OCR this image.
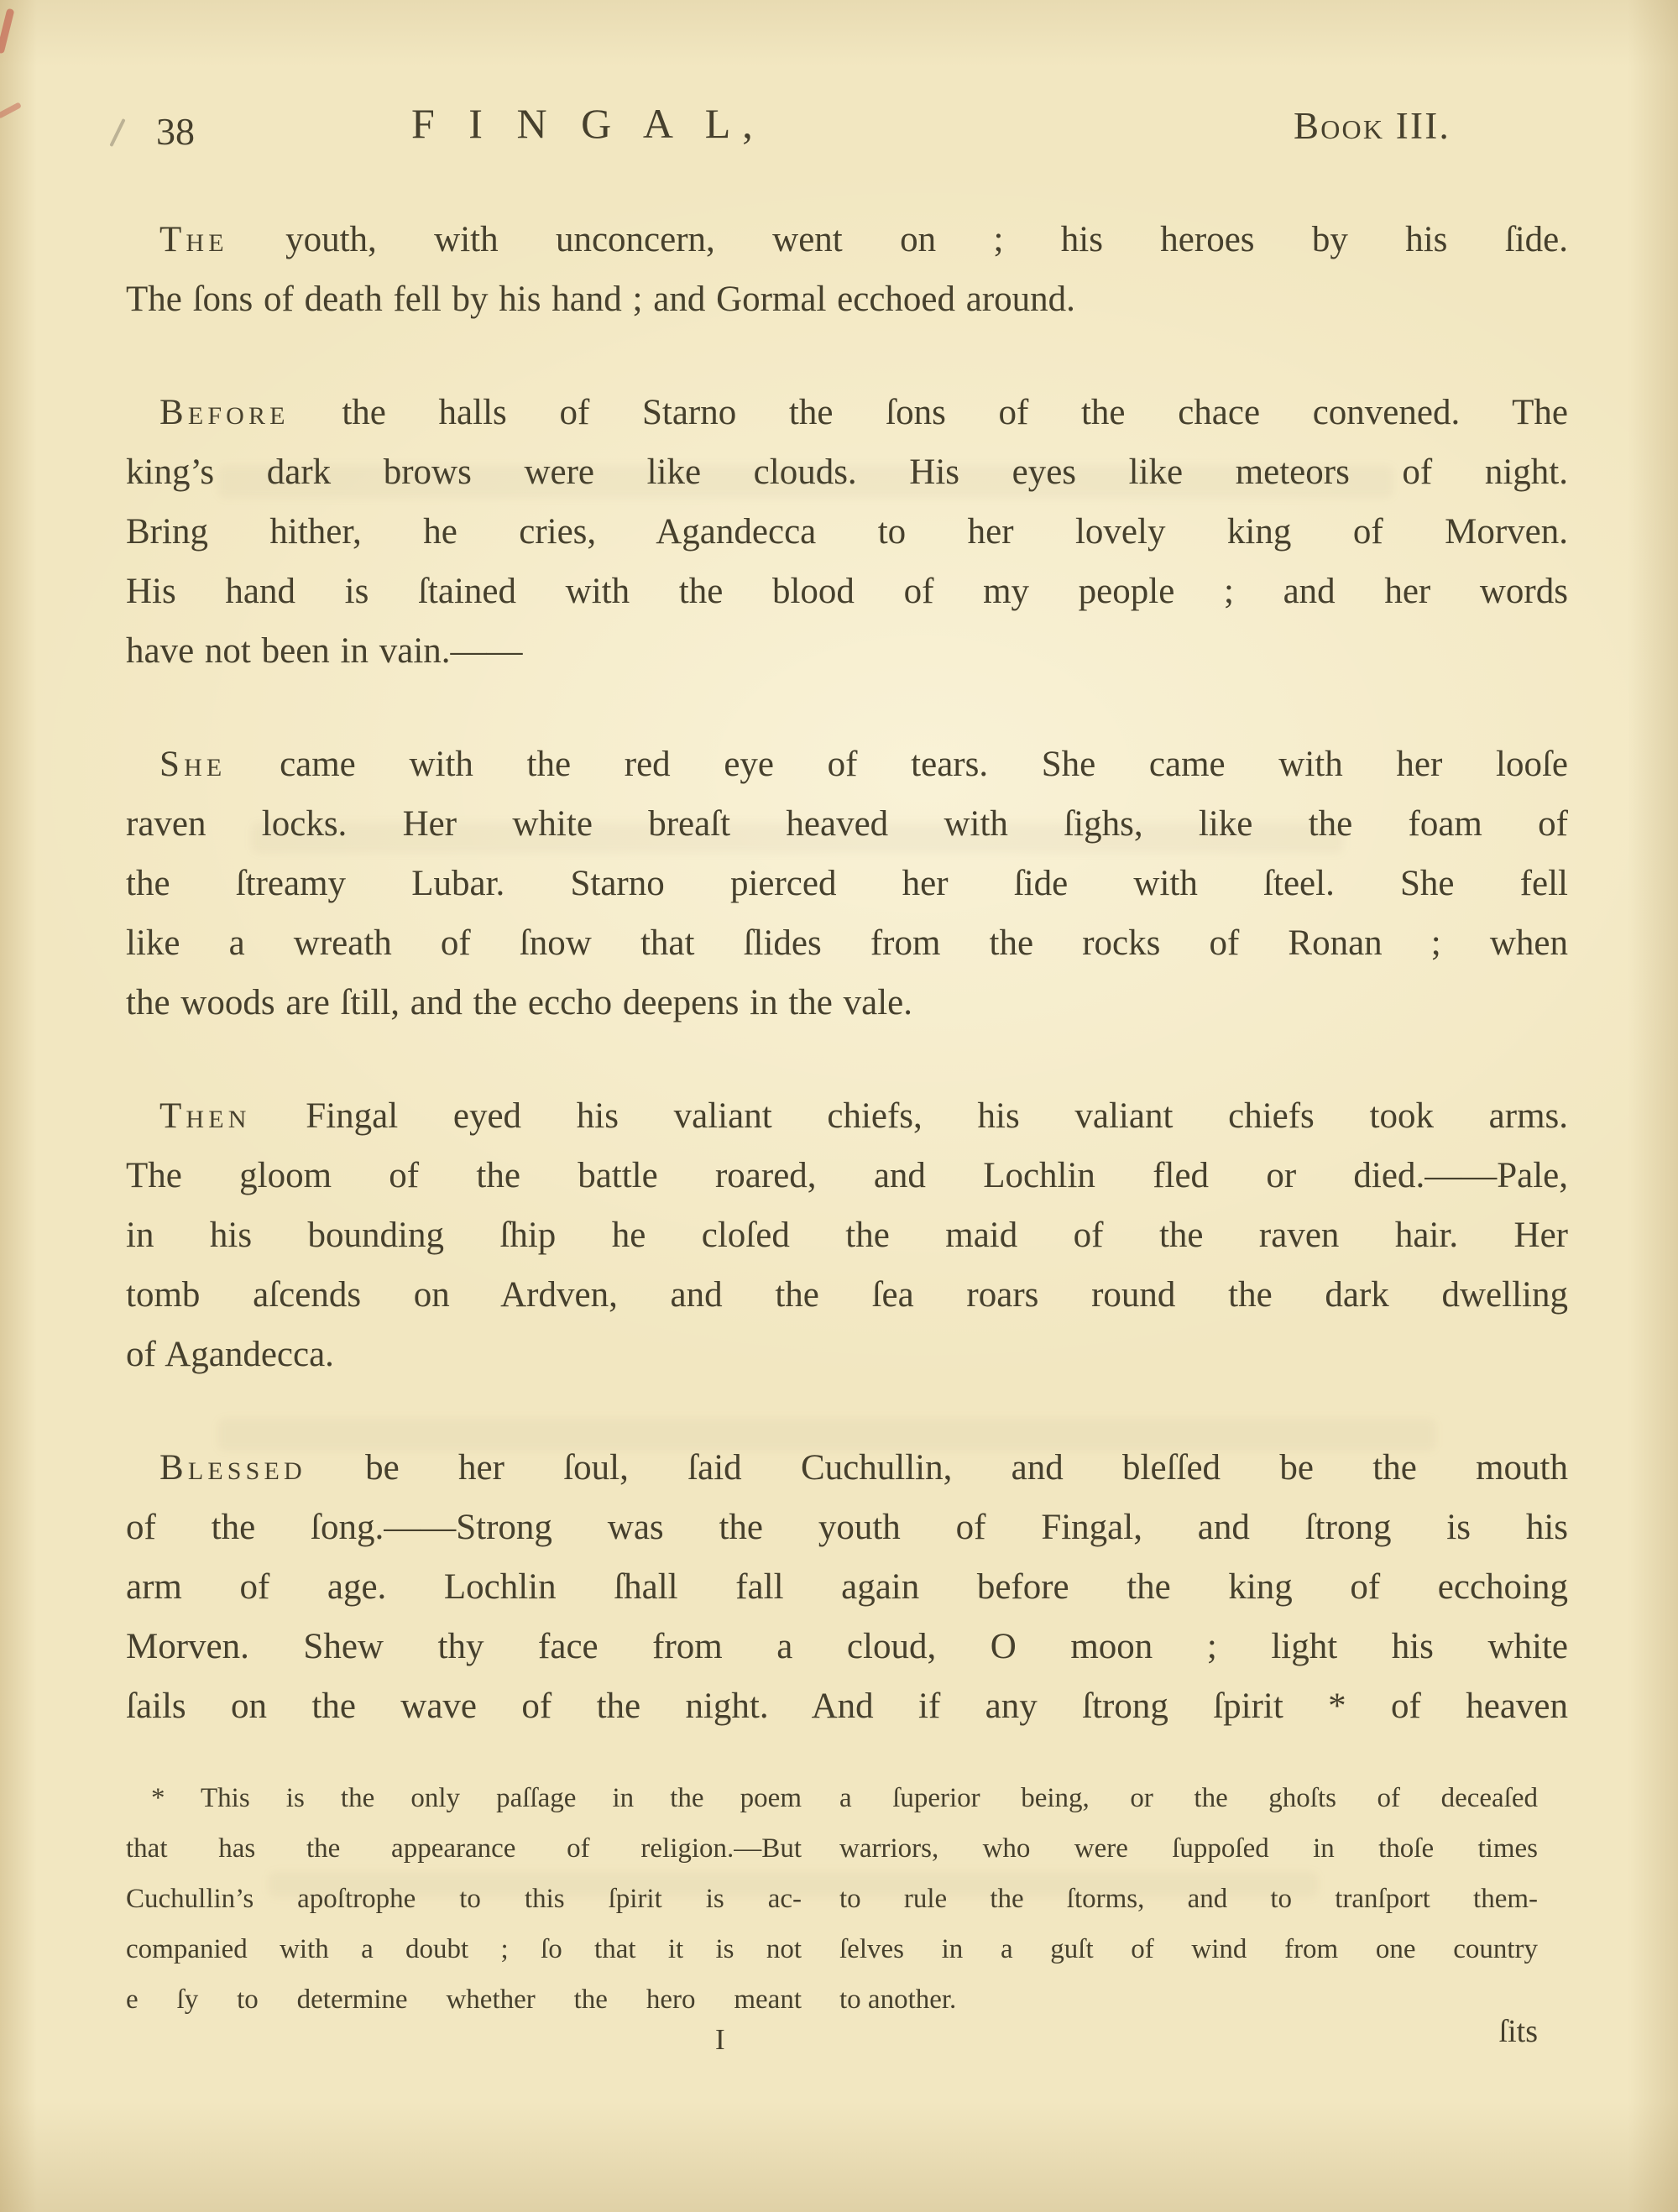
38	F I N G A L,	Book III.

The youth, with unconcern, went on ; his heroes by his ſide.
The ſons of death fell by his hand ; and Gormal ecchoed around.

Before the halls of Starno the ſons of the chace convened. The
king’s dark brows were like clouds. His eyes like meteors of night.
Bring hither, he cries, Agandecca to her lovely king of Morven.
His hand is ſtained with the blood of my people ; and her words
have not been in vain.——

She came with the red eye of tears. She came with her looſe
raven locks. Her white breaſt heaved with ſighs, like the foam of
the ſtreamy Lubar. Starno pierced her ſide with ſteel. She fell
like a wreath of ſnow that ſlides from the rocks of Ronan ; when
the woods are ſtill, and the eccho deepens in the vale.

Then Fingal eyed his valiant chiefs, his valiant chiefs took arms.
The gloom of the battle roared, and Lochlin fled or died.——Pale,
in his bounding ſhip he cloſed the maid of the raven hair. Her
tomb aſcends on Ardven, and the ſea roars round the dark dwelling
of Agandecca.

Blessed be her ſoul, ſaid Cuchullin, and bleſſed be the mouth
of the ſong.——Strong was the youth of Fingal, and ſtrong is his
arm of age. Lochlin ſhall fall again before the king of ecchoing
Morven. Shew thy face from a cloud, O moon ; light his white
ſails on the wave of the night. And if any ſtrong ſpirit * of heaven

* This is the only paſſage in the poem
that has the appearance of religion.—But
Cuchullin’s apoſtrophe to this ſpirit is ac-
companied with a doubt ; ſo that it is not
e ſy to determine whether the hero meant
a ſuperior being, or the ghoſts of deceaſed
warriors, who were ſuppoſed in thoſe times
to rule the ſtorms, and to tranſport them-
ſelves in a guſt of wind from one country
to another.
I	ſits
